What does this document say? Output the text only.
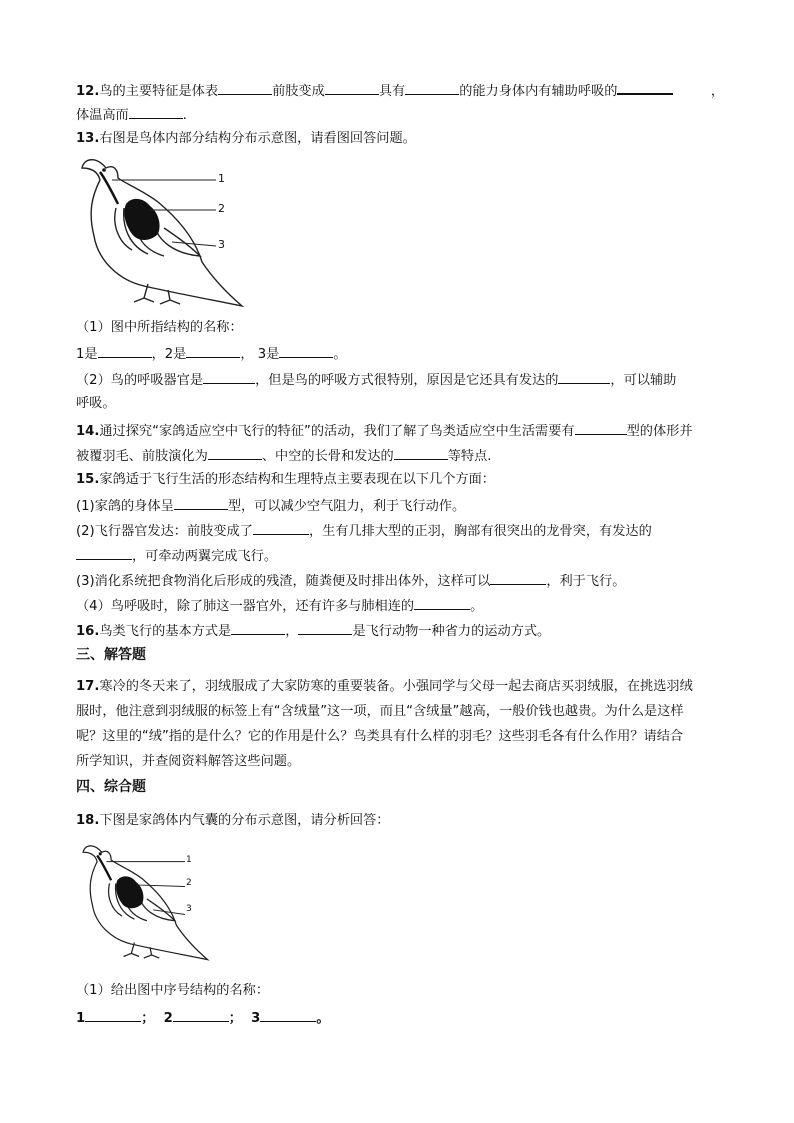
12.鸟的主要特征是体表	前肢变成	具有	的能力身体内有辅助呼吸的	，
体温高而	.
13.右图是鸟体内部分结构分布示意图，请看图回答问题。
1
2
3
（1）图中所指结构的名称：
1是	，2是	， 3是	。
（2）鸟的呼吸器官是	，但是鸟的呼吸方式很特别，原因是它还具有发达的	，可以辅助
呼吸。
14.通过探究“家鸽适应空中飞行的特征”的活动，我们了解了鸟类适应空中生活需要有	型的体形并
被覆羽毛、前肢演化为	、中空的长骨和发达的	等特点.
15.家鸽适于飞行生活的形态结构和生理特点主要表现在以下几个方面：
(1)家鸽的身体呈	型，可以减少空气阻力，利于飞行动作。
(2)飞行器官发达：前肢变成了	，生有几排大型的正羽，胸部有很突出的龙骨突，有发达的
，可牵动两翼完成飞行。
(3)消化系统把食物消化后形成的残渣，随粪便及时排出体外，这样可以	，利于飞行。
（4）鸟呼吸时，除了肺这一器官外，还有许多与肺相连的	。
16.鸟类飞行的基本方式是	，	是飞行动物一种省力的运动方式。
三、解答题
17.寒冷的冬天来了，羽绒服成了大家防寒的重要装备。小强同学与父母一起去商店买羽绒服，在挑选羽绒
服时，他注意到羽绒服的标签上有“含绒量”这一项，而且“含绒量”越高，一般价钱也越贵。为什么是这样
呢？这里的“绒”指的是什么？它的作用是什么？鸟类具有什么样的羽毛？这些羽毛各有什么作用？请结合
所学知识，并查阅资料解答这些问题。
四、综合题
18.下图是家鸽体内气囊的分布示意图，请分析回答：
1
2
3
（1）给出图中序号结构的名称：
1	； 2	； 3	。
